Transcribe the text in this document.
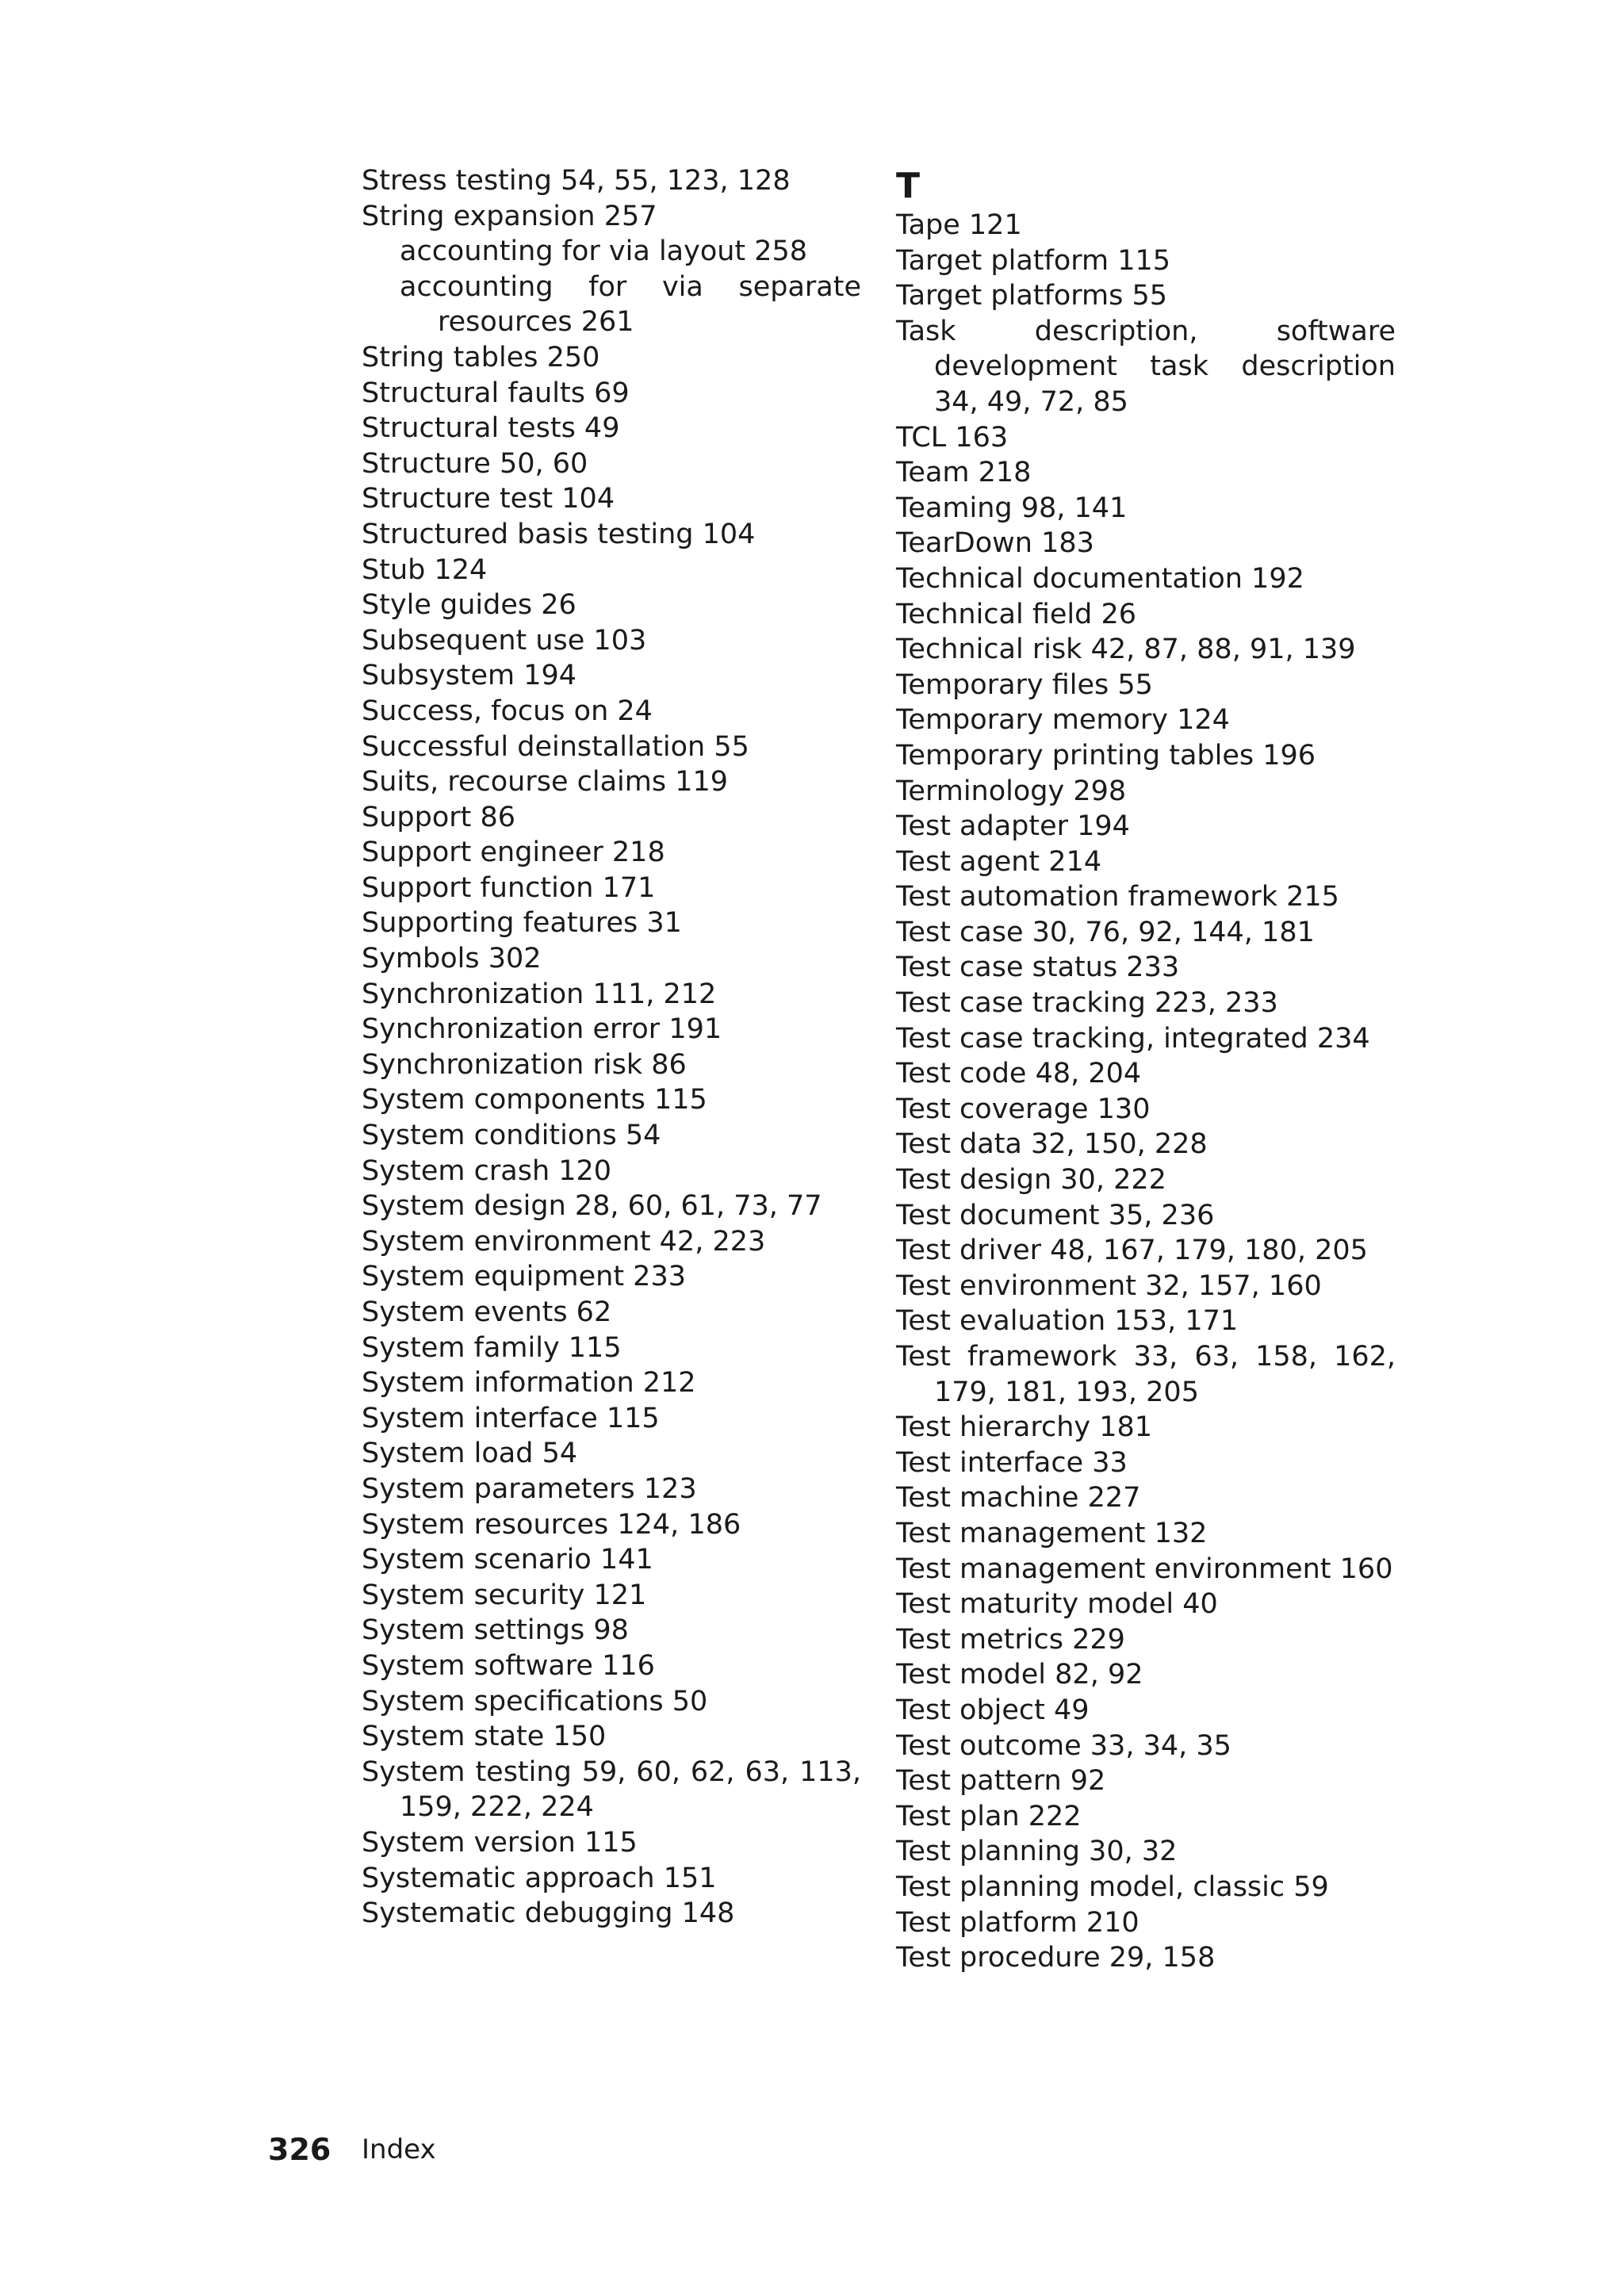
Stress testing 54, 55, 123, 128
String expansion 257
accounting for via layout 258
accounting for via separate resources 261
String tables 250
Structural faults 69
Structural tests 49
Structure 50, 60
Structure test 104
Structured basis testing 104
Stub 124
Style guides 26
Subsequent use 103
Subsystem 194
Success, focus on 24
Successful deinstallation 55
Suits, recourse claims 119
Support 86
Support engineer 218
Support function 171
Supporting features 31
Symbols 302
Synchronization 111, 212
Synchronization error 191
Synchronization risk 86
System components 115
System conditions 54
System crash 120
System design 28, 60, 61, 73, 77
System environment 42, 223
System equipment 233
System events 62
System family 115
System information 212
System interface 115
System load 54
System parameters 123
System resources 124, 186
System scenario 141
System security 121
System settings 98
System software 116
System specifications 50
System state 150
System testing 59, 60, 62, 63, 113, 159, 222, 224
System version 115
Systematic approach 151
Systematic debugging 148
T
Tape 121
Target platform 115
Target platforms 55
Task description, software development task description 34, 49, 72, 85
TCL 163
Team 218
Teaming 98, 141
TearDown 183
Technical documentation 192
Technical field 26
Technical risk 42, 87, 88, 91, 139
Temporary files 55
Temporary memory 124
Temporary printing tables 196
Terminology 298
Test adapter 194
Test agent 214
Test automation framework 215
Test case 30, 76, 92, 144, 181
Test case status 233
Test case tracking 223, 233
Test case tracking, integrated 234
Test code 48, 204
Test coverage 130
Test data 32, 150, 228
Test design 30, 222
Test document 35, 236
Test driver 48, 167, 179, 180, 205
Test environment 32, 157, 160
Test evaluation 153, 171
Test framework 33, 63, 158, 162, 179, 181, 193, 205
Test hierarchy 181
Test interface 33
Test machine 227
Test management 132
Test management environment 160
Test maturity model 40
Test metrics 229
Test model 82, 92
Test object 49
Test outcome 33, 34, 35
Test pattern 92
Test plan 222
Test planning 30, 32
Test planning model, classic 59
Test platform 210
Test procedure 29, 158
326 Index
